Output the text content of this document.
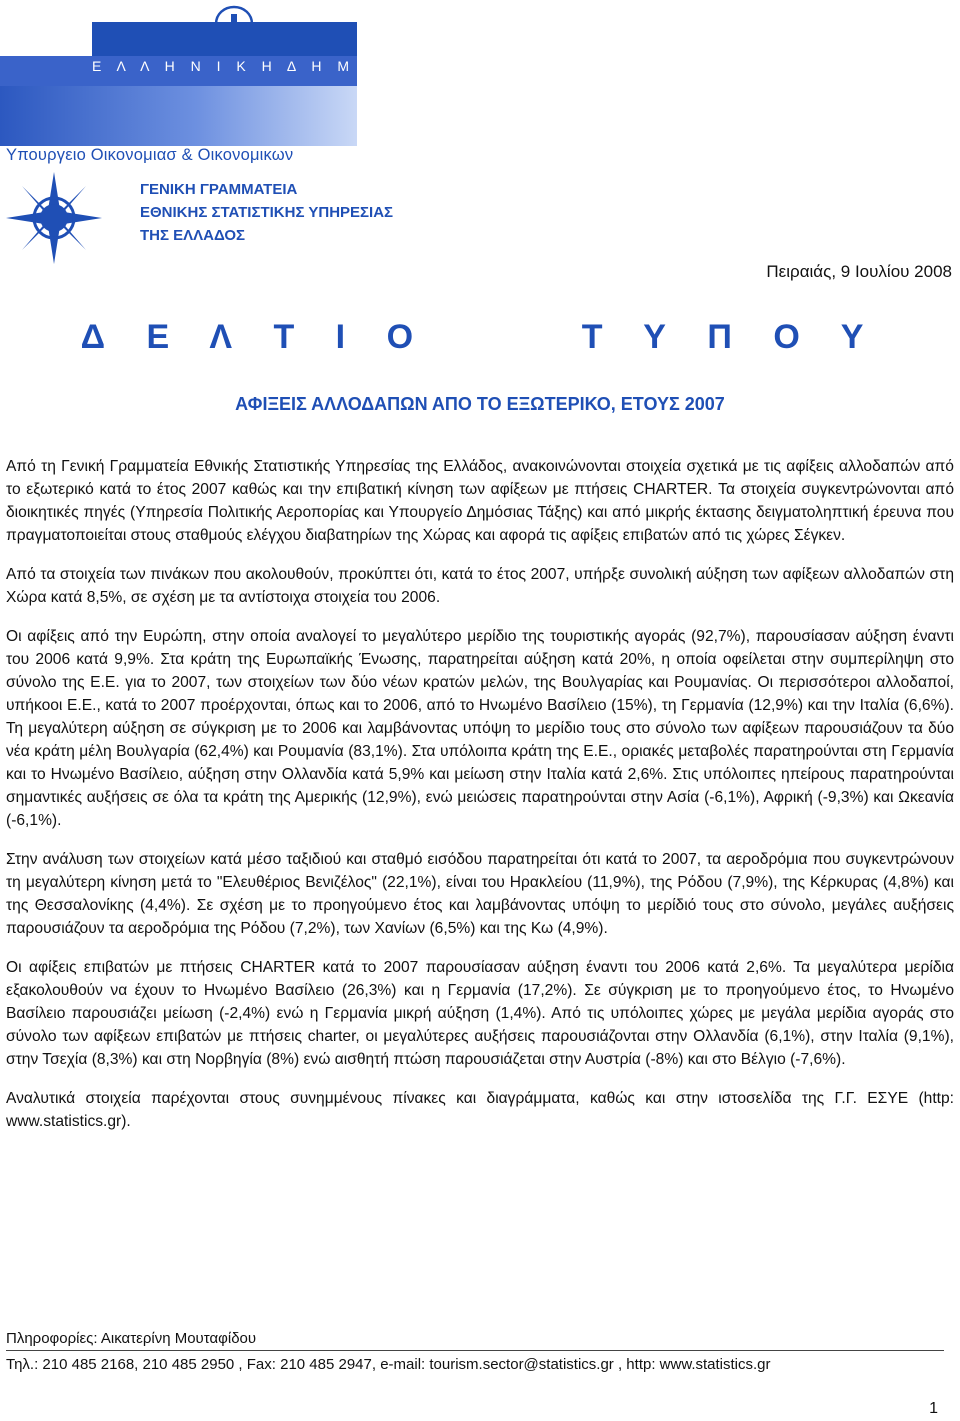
Ε Λ Λ Η Ν Ι Κ Η Δ Η Μ Ο Κ Ρ Α Τ Ι Α
Υπουργειο Οικονομιασ & Οικονομικων
ΓΕΝΙΚΗ ΓΡΑΜΜΑΤΕΙΑ
ΕΘΝΙΚΗΣ ΣΤΑΤΙΣΤΙΚΗΣ ΥΠΗΡΕΣΙΑΣ
ΤΗΣ ΕΛΛΑΔΟΣ
Πειραιάς, 9 Ιουλίου 2008
Δ Ε Λ Τ Ι Ο      Τ Υ Π Ο Υ
ΑΦΙΞΕΙΣ ΑΛΛΟΔΑΠΩΝ ΑΠΟ ΤΟ ΕΞΩΤΕΡΙΚΟ, ΕΤΟΥΣ 2007

Από τη Γενική Γραμματεία Εθνικής Στατιστικής Υπηρεσίας της Ελλάδος, ανακοινώνονται στοιχεία σχετικά με τις αφίξεις αλλοδαπών από το εξωτερικό κατά το έτος 2007 καθώς και την επιβατική κίνηση των αφίξεων με πτήσεις CHARTER. Τα στοιχεία συγκεντρώνονται από διοικητικές πηγές (Υπηρεσία Πολιτικής Αεροπορίας και Υπουργείο Δημόσιας Τάξης) και από μικρής έκτασης δειγματοληπτική έρευνα που πραγματοποιείται στους σταθμούς ελέγχου διαβατηρίων της Χώρας και αφορά τις αφίξεις επιβατών από τις χώρες Σέγκεν.

Από τα στοιχεία των πινάκων που ακολουθούν, προκύπτει ότι, κατά το έτος 2007, υπήρξε συνολική αύξηση των αφίξεων αλλοδαπών στη Χώρα κατά 8,5%, σε σχέση με τα αντίστοιχα στοιχεία του 2006.

Οι αφίξεις από την Ευρώπη, στην οποία αναλογεί το μεγαλύτερο μερίδιο της τουριστικής αγοράς (92,7%), παρουσίασαν αύξηση έναντι του 2006 κατά 9,9%. Στα κράτη της Ευρωπαϊκής Ένωσης, παρατηρείται αύξηση κατά 20%, η οποία οφείλεται στην συμπερίληψη στο σύνολο της Ε.Ε. για το 2007, των στοιχείων των δύο νέων κρατών μελών, της Βουλγαρίας και Ρουμανίας. Οι περισσότεροι αλλοδαποί, υπήκοοι Ε.Ε., κατά το 2007 προέρχονται, όπως και το 2006, από το Ηνωμένο Βασίλειο (15%), τη Γερμανία (12,9%) και την Ιταλία (6,6%). Τη μεγαλύτερη αύξηση σε σύγκριση με το 2006 και λαμβάνοντας υπόψη το μερίδιο τους στο σύνολο των αφίξεων παρουσιάζουν τα δύο νέα κράτη μέλη Βουλγαρία (62,4%) και Ρουμανία (83,1%). Στα υπόλοιπα κράτη της Ε.Ε., οριακές μεταβολές παρατηρούνται στη Γερμανία και το Ηνωμένο Βασίλειο, αύξηση στην Ολλανδία κατά 5,9% και μείωση στην Ιταλία κατά 2,6%. Στις υπόλοιπες ηπείρους παρατηρούνται σημαντικές αυξήσεις σε όλα τα κράτη της Αμερικής (12,9%), ενώ μειώσεις παρατηρούνται στην Ασία (-6,1%), Αφρική (-9,3%) και Ωκεανία (-6,1%).

Στην ανάλυση των στοιχείων κατά μέσο ταξιδιού και σταθμό εισόδου παρατηρείται ότι κατά το 2007, τα αεροδρόμια που συγκεντρώνουν τη μεγαλύτερη κίνηση μετά το "Ελευθέριος Βενιζέλος" (22,1%), είναι του Ηρακλείου (11,9%), της Ρόδου (7,9%), της Κέρκυρας (4,8%) και της Θεσσαλονίκης (4,4%). Σε σχέση με το προηγούμενο έτος και λαμβάνοντας υπόψη το μερίδιό τους στο σύνολο, μεγάλες αυξήσεις παρουσιάζουν τα αεροδρόμια της Ρόδου (7,2%), των Χανίων (6,5%) και της Κω (4,9%).

Οι αφίξεις επιβατών με πτήσεις CHARTER κατά το 2007 παρουσίασαν αύξηση έναντι του 2006 κατά 2,6%. Τα μεγαλύτερα μερίδια εξακολουθούν να έχουν το Ηνωμένο Βασίλειο (26,3%) και η Γερμανία (17,2%). Σε σύγκριση με το προηγούμενο έτος, το Ηνωμένο Βασίλειο παρουσιάζει μείωση (-2,4%) ενώ η Γερμανία μικρή αύξηση (1,4%). Από τις υπόλοιπες χώρες με μεγάλα μερίδια αγοράς στο σύνολο των αφίξεων επιβατών με πτήσεις charter, οι μεγαλύτερες αυξήσεις παρουσιάζονται στην Ολλανδία (6,1%), στην Ιταλία (9,1%), στην Τσεχία (8,3%) και στη Νορβηγία (8%) ενώ αισθητή πτώση παρουσιάζεται στην Αυστρία (-8%) και στο Βέλγιο (-7,6%).

Αναλυτικά στοιχεία παρέχονται στους συνημμένους πίνακες και διαγράμματα, καθώς και στην ιστοσελίδα της Γ.Γ. ΕΣΥΕ (http: www.statistics.gr).

Πληροφορίες: Αικατερίνη Μουταφίδου
Τηλ.: 210 485 2168, 210 485 2950 , Fax: 210 485 2947, e-mail: tourism.sector@statistics.gr , http: www.statistics.gr
1
